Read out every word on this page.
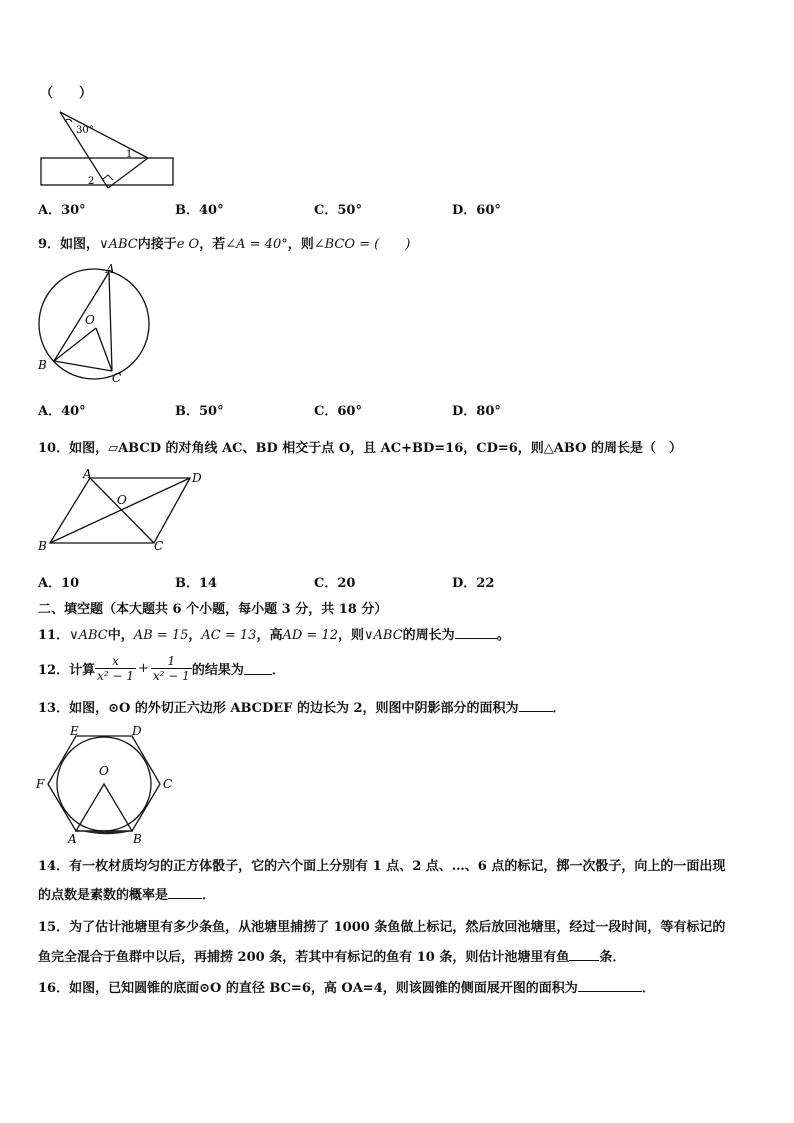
（　　）
30°
1
2
A．30°	B．40°	C．50°	D．60°
9．如图，∨ABC内接于e O，若∠A = 40°，则∠BCO = (　　)
A
O
B
C
A．40°	B．50°	C．60°	D．80°
10．如图，▱ABCD 的对角线 AC、BD 相交于点 O，且 AC+BD=16，CD=6，则△ABO 的周长是（　）
A	D
O
B	C
A．10	B．14	C．20	D．22
二、填空题（本大题共 6 个小题，每小题 3 分，共 18 分）
11．∨ABC中，AB = 15，AC = 13，高AD = 12，则∨ABC的周长为	。
12．计算 $\frac{x}{\text{x² − 1}} + \frac{1}{\text{x² − 1}}$ 的结果为 ．
13．如图，⊙O 的外切正六边形 ABCDEF 的边长为 2，则图中阴影部分的面积为	．
E	D
O
F	C
A	B
14．有一枚材质均匀的正方体骰子，它的六个面上分别有 1 点、2 点、…、6 点的标记，掷一次骰子，向上的一面出现
的点数是素数的概率是	．
15．为了估计池塘里有多少条鱼，从池塘里捕捞了 1000 条鱼做上标记，然后放回池塘里，经过一段时间，等有标记的
鱼完全混合于鱼群中以后，再捕捞 200 条，若其中有标记的鱼有 10 条，则估计池塘里有鱼 条．
16．如图，已知圆锥的底面⊙O 的直径 BC=6，高 OA=4，则该圆锥的侧面展开图的面积为	．
